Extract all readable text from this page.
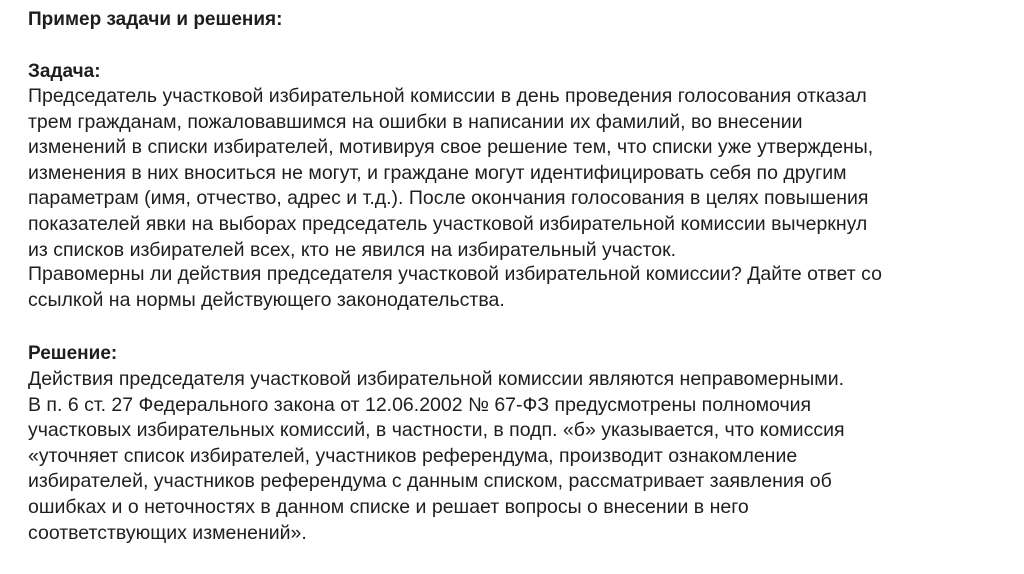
Пример задачи и решения:
Задача:
Председатель участковой избирательной комиссии в день проведения голосования отказал
трем гражданам, пожаловавшимся на ошибки в написании их фамилий, во внесении
изменений в списки избирателей, мотивируя свое решение тем, что списки уже утверждены,
изменения в них вноситься не могут, и граждане могут идентифицировать себя по другим
параметрам (имя, отчество, адрес и т.д.). После окончания голосования в целях повышения
показателей явки на выборах председатель участковой избирательной комиссии вычеркнул
из списков избирателей всех, кто не явился на избирательный участок.
Правомерны ли действия председателя участковой избирательной комиссии? Дайте ответ со
ссылкой на нормы действующего законодательства.
Решение:
Действия председателя участковой избирательной комиссии являются неправомерными.
В п. 6 ст. 27 Федерального закона от 12.06.2002 № 67-ФЗ предусмотрены полномочия
участковых избирательных комиссий, в частности, в подп. «б» указывается, что комиссия
«уточняет список избирателей, участников референдума, производит ознакомление
избирателей, участников референдума с данным списком, рассматривает заявления об
ошибках и о неточностях в данном списке и решает вопросы о внесении в него
соответствующих изменений».
